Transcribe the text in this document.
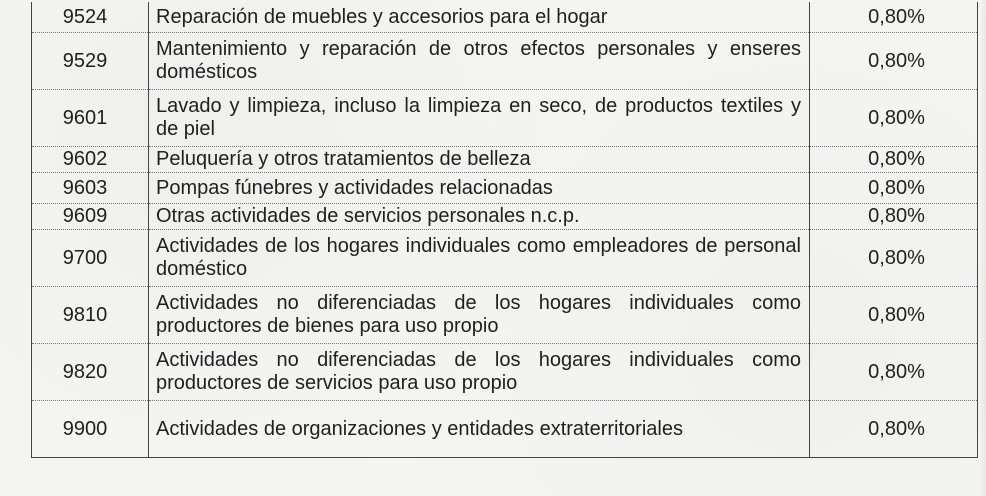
9524	Reparación de muebles y accesorios para el hogar	0,80%
9529	Mantenimiento y reparación de otros efectos personales y enseres domésticos	0,80%
9601	Lavado y limpieza, incluso la limpieza en seco, de productos textiles y de piel	0,80%
9602	Peluquería y otros tratamientos de belleza	0,80%
9603	Pompas fúnebres y actividades relacionadas	0,80%
9609	Otras actividades de servicios personales n.c.p.	0,80%
9700	Actividades de los hogares individuales como empleadores de personal doméstico	0,80%
9810	Actividades no diferenciadas de los hogares individuales como productores de bienes para uso propio	0,80%
9820	Actividades no diferenciadas de los hogares individuales como productores de servicios para uso propio	0,80%
9900	Actividades de organizaciones y entidades extraterritoriales	0,80%
